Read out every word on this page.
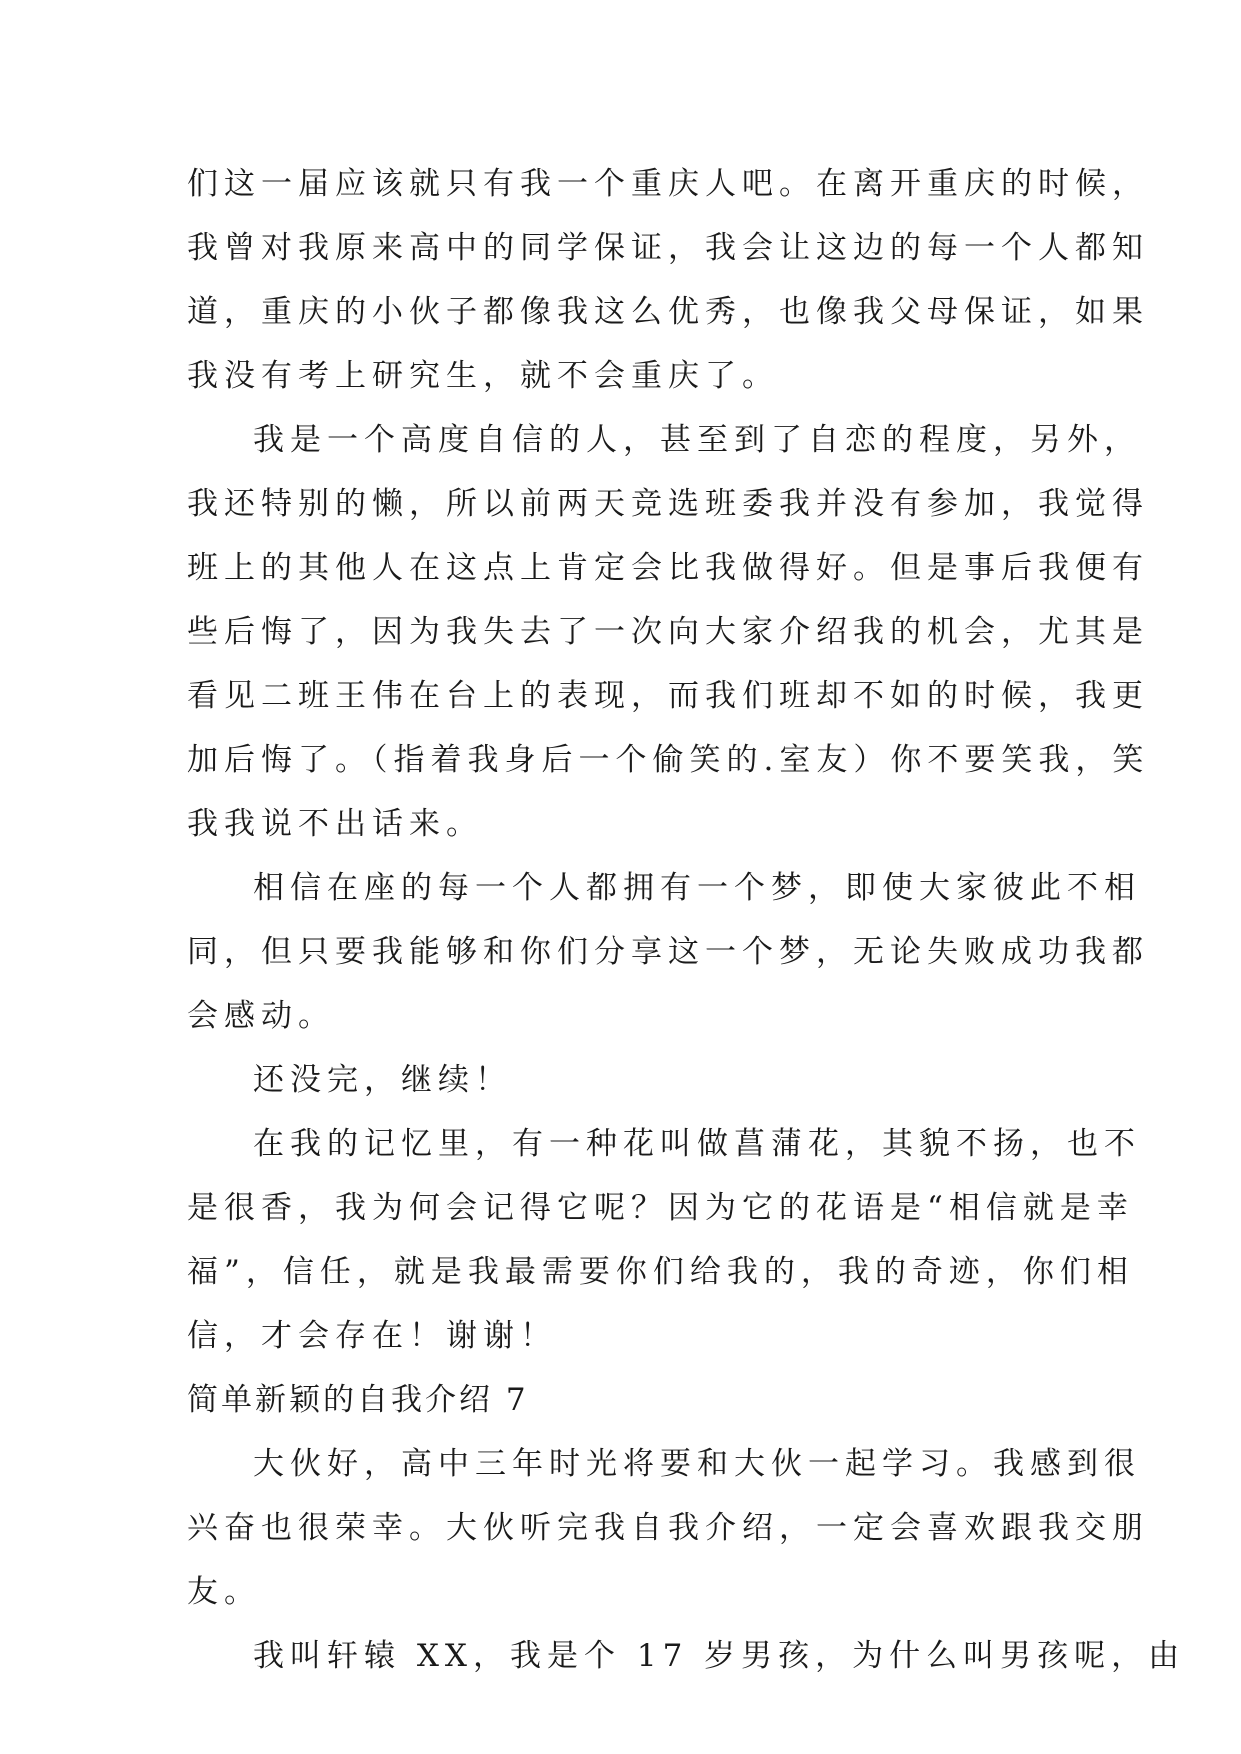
们这一届应该就只有我一个重庆人吧。在离开重庆的时候，
我曾对我原来高中的同学保证，我会让这边的每一个人都知
道，重庆的小伙子都像我这么优秀，也像我父母保证，如果
我没有考上研究生，就不会重庆了。
我是一个高度自信的人，甚至到了自恋的程度，另外，
我还特别的懒，所以前两天竞选班委我并没有参加，我觉得
班上的其他人在这点上肯定会比我做得好。但是事后我便有
些后悔了，因为我失去了一次向大家介绍我的机会，尤其是
看见二班王伟在台上的表现，而我们班却不如的时候，我更
加后悔了。（指着我身后一个偷笑的.室友）你不要笑我，笑
我我说不出话来。
相信在座的每一个人都拥有一个梦，即使大家彼此不相
同，但只要我能够和你们分享这一个梦，无论失败成功我都
会感动。
还没完，继续！
在我的记忆里，有一种花叫做菖蒲花，其貌不扬，也不
是很香，我为何会记得它呢？因为它的花语是“相信就是幸
福”，信任，就是我最需要你们给我的，我的奇迹，你们相
信，才会存在！谢谢！
简单新颖的自我介绍 7
大伙好，高中三年时光将要和大伙一起学习。我感到很
兴奋也很荣幸。大伙听完我自我介绍，一定会喜欢跟我交朋
友。
我叫轩辕 XX，我是个 17 岁男孩，为什么叫男孩呢，由
